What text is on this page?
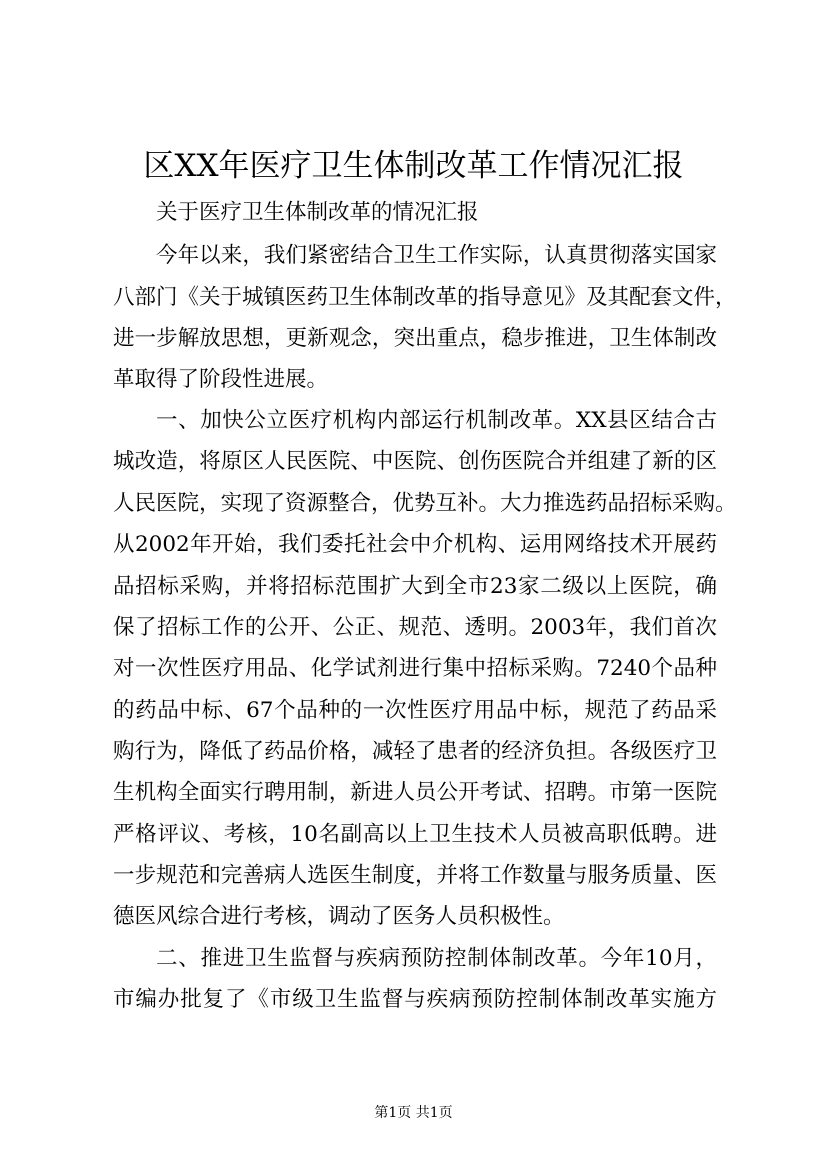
区XX年医疗卫生体制改革工作情况汇报
关于医疗卫生体制改革的情况汇报
今年以来，我们紧密结合卫生工作实际，认真贯彻落实国家
八部门《关于城镇医药卫生体制改革的指导意见》及其配套文件，
进一步解放思想，更新观念，突出重点，稳步推进，卫生体制改
革取得了阶段性进展。
一、加快公立医疗机构内部运行机制改革。XX县区结合古
城改造，将原区人民医院、中医院、创伤医院合并组建了新的区
人民医院，实现了资源整合，优势互补。大力推选药品招标采购。
从2002年开始，我们委托社会中介机构、运用网络技术开展药
品招标采购，并将招标范围扩大到全市23家二级以上医院，确
保了招标工作的公开、公正、规范、透明。2003年，我们首次
对一次性医疗用品、化学试剂进行集中招标采购。7240个品种
的药品中标、67个品种的一次性医疗用品中标，规范了药品采
购行为，降低了药品价格，减轻了患者的经济负担。各级医疗卫
生机构全面实行聘用制，新进人员公开考试、招聘。市第一医院
严格评议、考核，10名副高以上卫生技术人员被高职低聘。进
一步规范和完善病人选医生制度，并将工作数量与服务质量、医
德医风综合进行考核，调动了医务人员积极性。
二、推进卫生监督与疾病预防控制体制改革。今年10月，
市编办批复了《市级卫生监督与疾病预防控制体制改革实施方
第1页 共1页
